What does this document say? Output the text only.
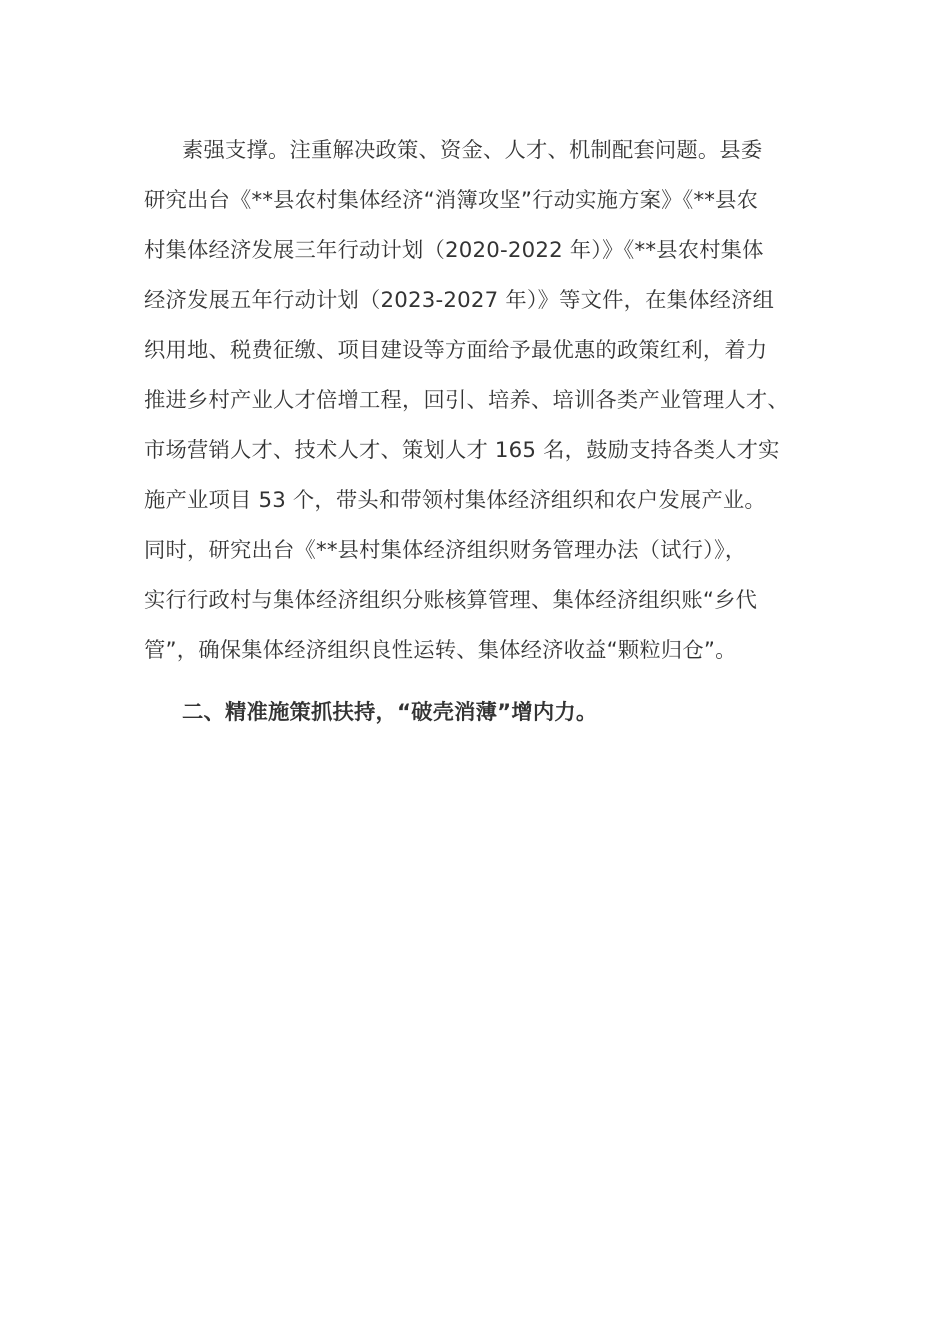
素强支撑。注重解决政策、资金、人才、机制配套问题。县委
研究出台《**县农村集体经济“消簿攻坚”行动实施方案》《**县农
村集体经济发展三年行动计划（2020-2022 年）》《**县农村集体
经济发展五年行动计划（2023-2027 年）》等文件，在集体经济组
织用地、税费征缴、项目建设等方面给予最优惠的政策红利，着力
推进乡村产业人才倍增工程，回引、培养、培训各类产业管理人才、
市场营销人才、技术人才、策划人才 165 名，鼓励支持各类人才实
施产业项目 53 个，带头和带领村集体经济组织和农户发展产业。
同时，研究出台《**县村集体经济组织财务管理办法（试行）》，
实行行政村与集体经济组织分账核算管理、集体经济组织账“乡代
管”，确保集体经济组织良性运转、集体经济收益“颗粒归仓”。

二、精准施策抓扶持，“破壳消薄”增内力。
